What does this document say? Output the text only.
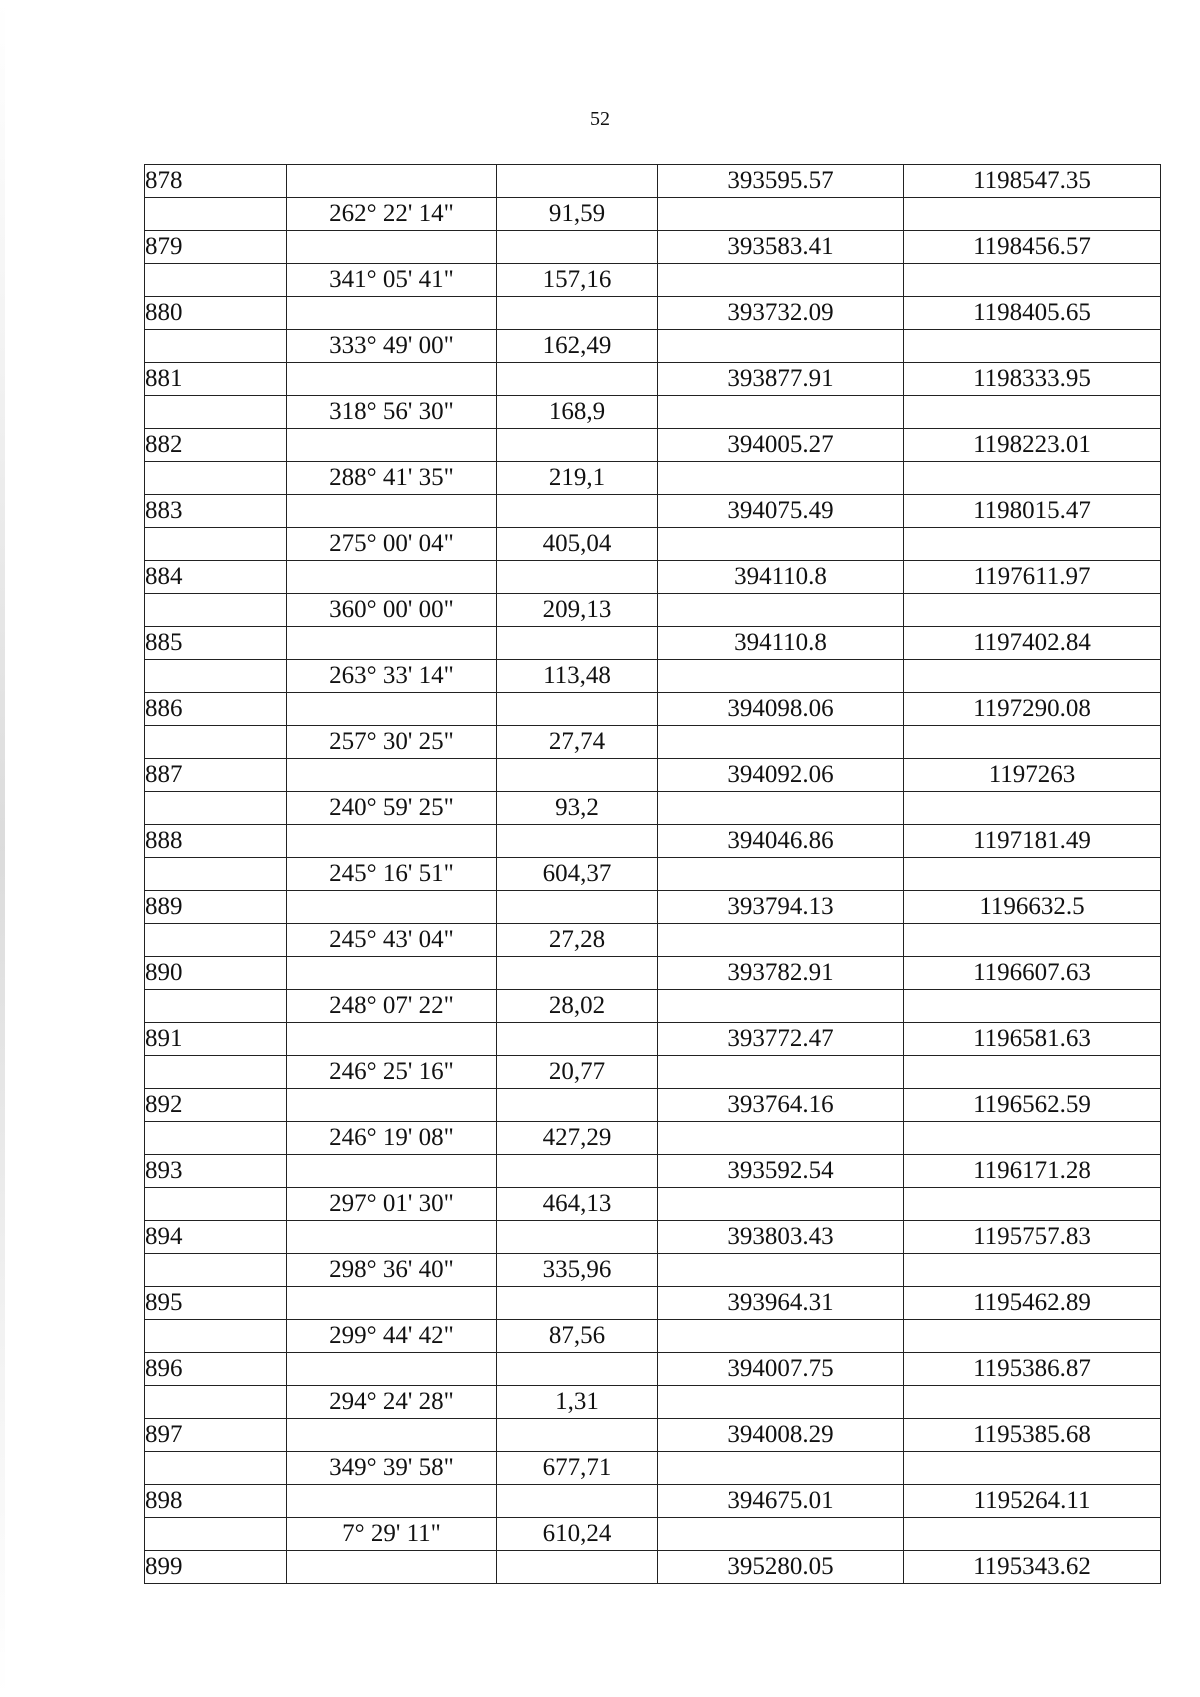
52
878			393595.57	1198547.35
	262° 22' 14"	91,59		
879			393583.41	1198456.57
	341° 05' 41"	157,16		
880			393732.09	1198405.65
	333° 49' 00"	162,49		
881			393877.91	1198333.95
	318° 56' 30"	168,9		
882			394005.27	1198223.01
	288° 41' 35"	219,1		
883			394075.49	1198015.47
	275° 00' 04"	405,04		
884			394110.8	1197611.97
	360° 00' 00"	209,13		
885			394110.8	1197402.84
	263° 33' 14"	113,48		
886			394098.06	1197290.08
	257° 30' 25"	27,74		
887			394092.06	1197263
	240° 59' 25"	93,2		
888			394046.86	1197181.49
	245° 16' 51"	604,37		
889			393794.13	1196632.5
	245° 43' 04"	27,28		
890			393782.91	1196607.63
	248° 07' 22"	28,02		
891			393772.47	1196581.63
	246° 25' 16"	20,77		
892			393764.16	1196562.59
	246° 19' 08"	427,29		
893			393592.54	1196171.28
	297° 01' 30"	464,13		
894			393803.43	1195757.83
	298° 36' 40"	335,96		
895			393964.31	1195462.89
	299° 44' 42"	87,56		
896			394007.75	1195386.87
	294° 24' 28"	1,31		
897			394008.29	1195385.68
	349° 39' 58"	677,71		
898			394675.01	1195264.11
	7° 29' 11"	610,24		
899			395280.05	1195343.62
